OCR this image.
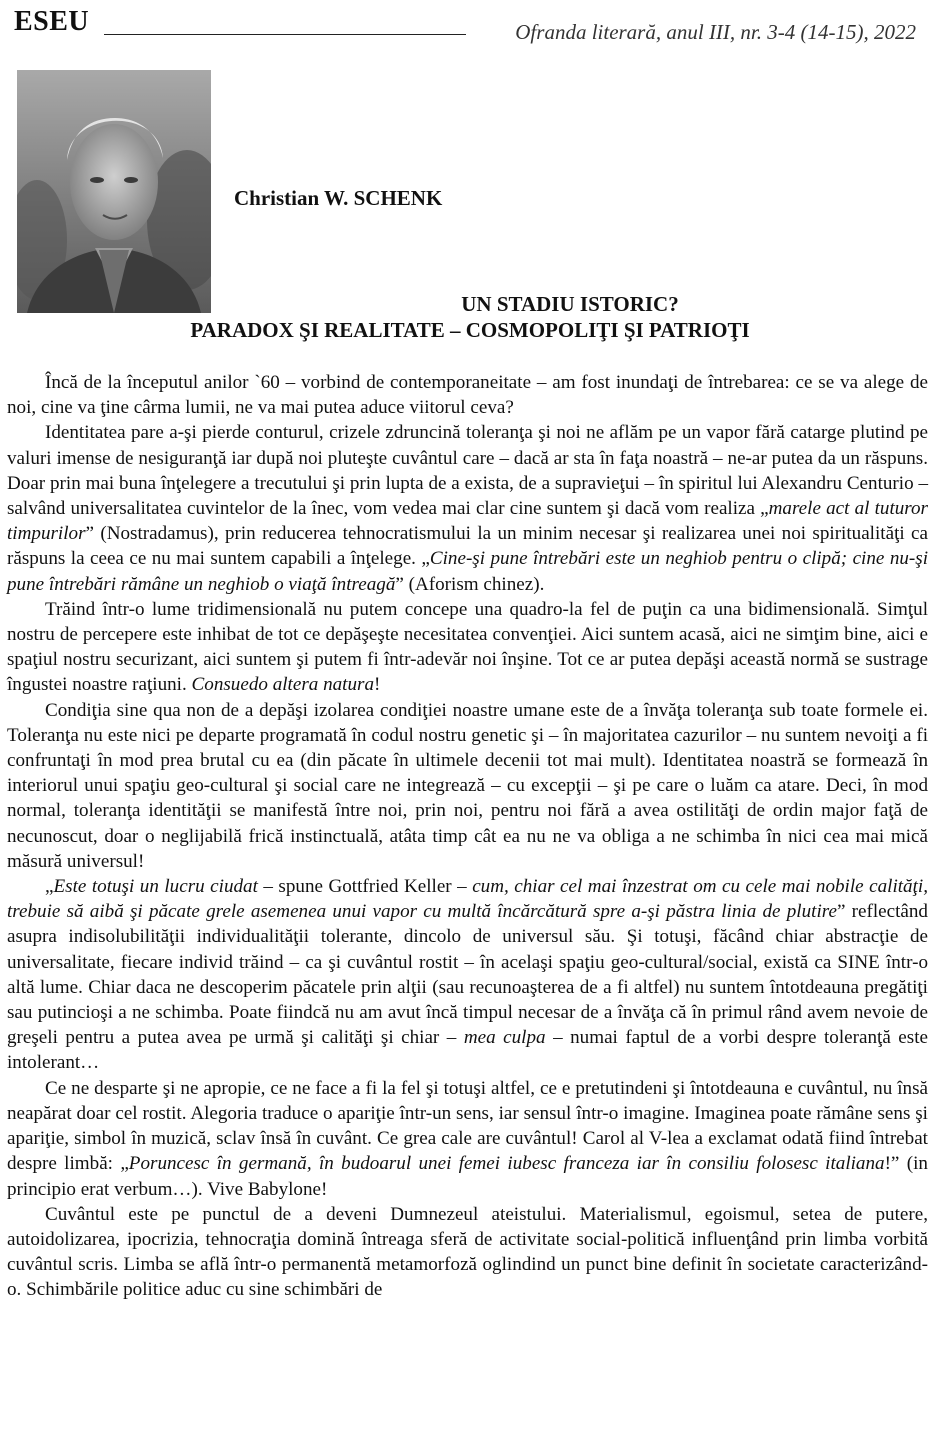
ESEU	Ofranda literară, anul III, nr. 3-4 (14-15), 2022
Christian W. SCHENK
UN STADIU ISTORIC?
PARADOX ŞI REALITATE – COSMOPOLIŢI ŞI PATRIOŢI

Încă de la începutul anilor `60 – vorbind de contemporaneitate – am fost inundaţi de întrebarea: ce se va alege de noi, cine va ţine cârma lumii, ne va mai putea aduce viitorul ceva?

Identitatea pare a-şi pierde conturul, crizele zdruncină toleranţa şi noi ne aflăm pe un vapor fără catarge plutind pe valuri imense de nesiguranţă iar după noi pluteşte cuvântul care – dacă ar sta în faţa noastră – ne-ar putea da un răspuns. Doar prin mai buna înţelegere a trecutului şi prin lupta de a exista, de a supravieţui – în spiritul lui Alexandru Centurio – salvând universalitatea cuvintelor de la înec, vom vedea mai clar cine suntem şi dacă vom realiza „marele act al tuturor timpurilor” (Nostradamus), prin reducerea tehnocratismului la un minim necesar şi realizarea unei noi spiritualităţi ca răspuns la ceea ce nu mai suntem capabili a înţelege. „Cine-şi pune întrebări este un neghiob pentru o clipă; cine nu-şi pune întrebări rămâne un neghiob o viaţă întreagă” (Aforism chinez).

Trăind într-o lume tridimensională nu putem concepe una quadro-la fel de puţin ca una bidimensională. Simţul nostru de percepere este inhibat de tot ce depăşeşte necesitatea convenţiei. Aici suntem acasă, aici ne simţim bine, aici e spaţiul nostru securizant, aici suntem şi putem fi într-adevăr noi înşine. Tot ce ar putea depăşi această normă se sustrage îngustei noastre raţiuni. Consuedo altera natura!

Condiţia sine qua non de a depăşi izolarea condiţiei noastre umane este de a învăţa toleranţa sub toate formele ei. Toleranţa nu este nici pe departe programată în codul nostru genetic şi – în majoritatea cazurilor – nu suntem nevoiţi a fi confruntaţi în mod prea brutal cu ea (din păcate în ultimele decenii tot mai mult). Identitatea noastră se formează în interiorul unui spaţiu geo-cultural şi social care ne integrează – cu excepţii – şi pe care o luăm ca atare. Deci, în mod normal, toleranţa identităţii se manifestă între noi, prin noi, pentru noi fără a avea ostilităţi de ordin major faţă de necunoscut, doar o neglijabilă frică instinctuală, atâta timp cât ea nu ne va obliga a ne schimba în nici cea mai mică măsură universul!

„Este totuşi un lucru ciudat – spune Gottfried Keller – cum, chiar cel mai înzestrat om cu cele mai nobile calităţi, trebuie să aibă şi păcate grele asemenea unui vapor cu multă încărcătură spre a-şi păstra linia de plutire” reflectând asupra indisolubilităţii individualităţii tolerante, dincolo de universul său. Şi totuşi, făcând chiar abstracţie de universalitate, fiecare individ trăind – ca şi cuvântul rostit – în acelaşi spaţiu geo-cultural/social, există ca SINE într-o altă lume. Chiar daca ne descoperim păcatele prin alţii (sau recunoaşterea de a fi altfel) nu suntem întotdeauna pregătiţi sau putincioşi a ne schimba. Poate fiindcă nu am avut încă timpul necesar de a învăţa că în primul rând avem nevoie de greşeli pentru a putea avea pe urmă şi calităţi şi chiar – mea culpa – numai faptul de a vorbi despre toleranţă este intolerant…

Ce ne desparte şi ne apropie, ce ne face a fi la fel şi totuşi altfel, ce e pretutindeni şi întotdeauna e cuvântul, nu însă neapărat doar cel rostit. Alegoria traduce o apariţie într-un sens, iar sensul într-o imagine. Imaginea poate rămâne sens şi apariţie, simbol în muzică, sclav însă în cuvânt. Ce grea cale are cuvântul! Carol al V-lea a exclamat odată fiind întrebat despre limbă: „Poruncesc în germană, în budoarul unei femei iubesc franceza iar în consiliu folosesc italiana!” (in principio erat verbum…). Vive Babylone!

Cuvântul este pe punctul de a deveni Dumnezeul ateistului. Materialismul, egoismul, setea de putere, autoidolizarea, ipocrizia, tehnocraţia domină întreaga sferă de activitate social-politică influenţând prin limba vorbită cuvântul scris. Limba se află într-o permanentă metamorfoză oglindind un punct bine definit în societate caracterizând-o. Schimbările politice aduc cu sine schimbări de
